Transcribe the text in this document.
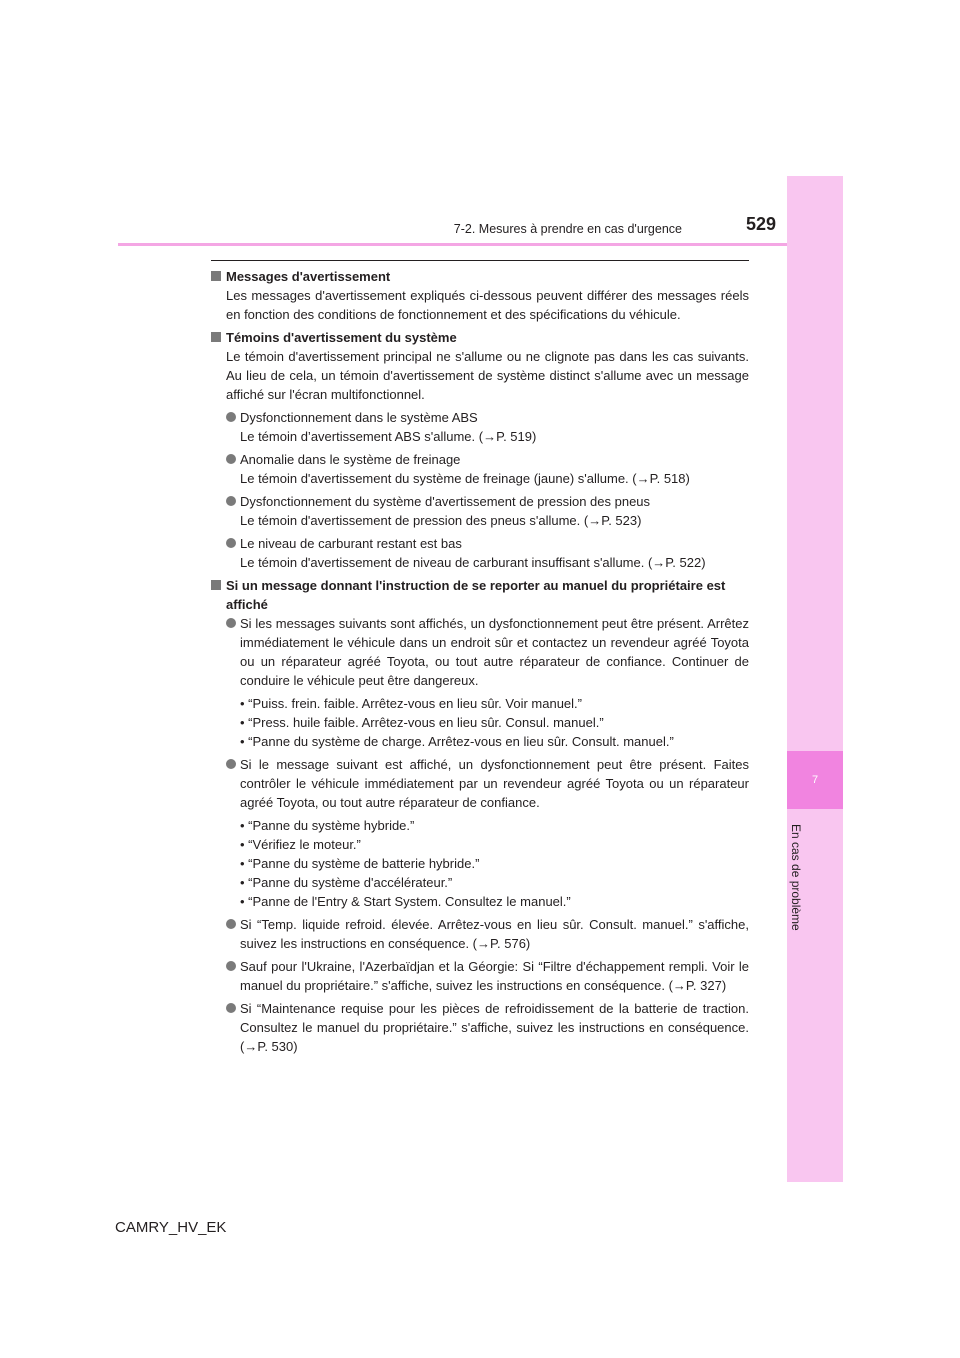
7
En cas de problème
7-2. Mesures à prendre en cas d'urgence	529
Messages d'avertissement
Les messages d'avertissement expliqués ci-dessous peuvent différer des messages réels en fonction des conditions de fonctionnement et des spécifications du véhicule.
Témoins d'avertissement du système
Le témoin d'avertissement principal ne s'allume ou ne clignote pas dans les cas suivants. Au lieu de cela, un témoin d'avertissement de système distinct s'allume avec un message affiché sur l'écran multifonctionnel.
Dysfonctionnement dans le système ABS
Le témoin d’avertissement ABS s'allume. (→P. 519)
Anomalie dans le système de freinage
Le témoin d'avertissement du système de freinage (jaune) s'allume. (→P. 518)
Dysfonctionnement du système d'avertissement de pression des pneus
Le témoin d'avertissement de pression des pneus s'allume. (→P. 523)
Le niveau de carburant restant est bas
Le témoin d'avertissement de niveau de carburant insuffisant s'allume. (→P. 522)
Si un message donnant l'instruction de se reporter au manuel du propriétaire est affiché
Si les messages suivants sont affichés, un dysfonctionnement peut être présent. Arrêtez immédiatement le véhicule dans un endroit sûr et contactez un revendeur agréé Toyota ou un réparateur agréé Toyota, ou tout autre réparateur de confiance. Continuer de conduire le véhicule peut être dangereux.
• “Puiss. frein. faible. Arrêtez-vous en lieu sûr. Voir manuel.”
• “Press. huile faible. Arrêtez-vous en lieu sûr. Consul. manuel.”
• “Panne du système de charge. Arrêtez-vous en lieu sûr. Consult. manuel.”
Si le message suivant est affiché, un dysfonctionnement peut être présent. Faites contrôler le véhicule immédiatement par un revendeur agréé Toyota ou un réparateur agréé Toyota, ou tout autre réparateur de confiance.
• “Panne du système hybride.”
• “Vérifiez le moteur.”
• “Panne du système de batterie hybride.”
• “Panne du système d'accélérateur.”
• “Panne de l'Entry & Start System. Consultez le manuel.”
Si “Temp. liquide refroid. élevée. Arrêtez-vous en lieu sûr. Consult. manuel.” s'affiche, suivez les instructions en conséquence. (→P. 576)
Sauf pour l'Ukraine, l'Azerbaïdjan et la Géorgie: Si “Filtre d'échappement rempli. Voir le manuel du propriétaire.” s'affiche, suivez les instructions en conséquence. (→P. 327)
Si “Maintenance requise pour les pièces de refroidissement de la batterie de traction. Consultez le manuel du propriétaire.” s'affiche, suivez les instructions en conséquence. (→P. 530)
CAMRY_HV_EK
